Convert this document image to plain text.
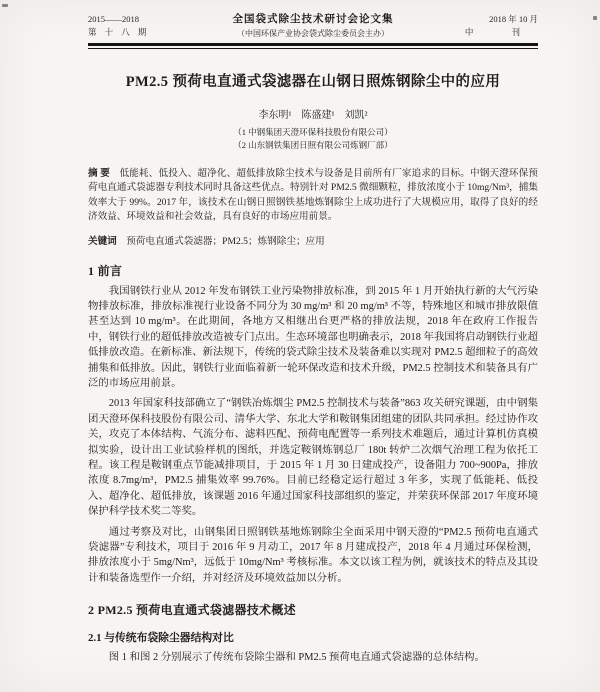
2015——2018
第 十 八 期
全国袋式除尘技术研讨会论文集
（中国环保产业协会袋式除尘委员会主办）
2018 年 10 月
中 刊
PM2.5 预荷电直通式袋滤器在山钢日照炼钢除尘中的应用
李东明¹　陈盛建¹　刘凯²
（1 中钢集团天澄环保科技股份有限公司）
（2 山东钢铁集团日照有限公司炼钢厂部）

摘 要 低能耗、低投入、超净化、超低排放除尘技术与设备是目前所有厂家追求的目标。中钢天澄环保预荷电直通式袋滤器专利技术同时具备这些优点。特别针对 PM2.5 微细颗粒，排放浓度小于 10mg/Nm³，捕集效率大于 99%。2017 年，该技术在山钢日照钢铁基地炼钢除尘上成功进行了大规模应用，取得了良好的经济效益、环境效益和社会效益，具有良好的市场应用前景。

关键词 预荷电直通式袋滤器；PM2.5；炼钢除尘；应用

1 前言

我国钢铁行业从 2012 年发布钢铁工业污染物排放标准，到 2015 年 1 月开始执行新的大气污染物排放标准，排放标准视行业设备不同分为 30 mg/m³ 和 20 mg/m³ 不等，特殊地区和城市排放限值甚至达到 10 mg/m³。在此期间，各地方又相继出台更严格的排放法规，2018 年在政府工作报告中，钢铁行业的超低排放改造被专门点出。生态环境部也明确表示，2018 年我国将启动钢铁行业超低排放改造。在新标准、新法规下，传统的袋式除尘技术及装备难以实现对 PM2.5 超细粒子的高效捕集和低排放。因此，钢铁行业面临着新一轮环保改造和技术升级，PM2.5 控制技术和装备具有广泛的市场应用前景。

2013 年国家科技部确立了“钢铁冶炼烟尘 PM2.5 控制技术与装备”863 攻关研究课题，由中钢集团天澄环保科技股份有限公司、清华大学、东北大学和鞍钢集团组建的团队共同承担。经过协作攻关，攻克了本体结构、气流分布、滤料匹配、预荷电配置等一系列技术难题后，通过计算机仿真模拟实验，设计出工业试验样机的图纸，并选定鞍钢炼钢总厂 180t 转炉二次烟气治理工程为依托工程。该工程是鞍钢重点节能减排项目，于 2015 年 1 月 30 日建成投产，设备阻力 700~900Pa，排放浓度 8.7mg/m³，PM2.5 捕集效率 99.76%。目前已经稳定运行超过 3 年多，实现了低能耗、低投入、超净化、超低排放，该课题 2016 年通过国家科技部组织的鉴定，并荣获环保部 2017 年度环境保护科学技术奖二等奖。

通过考察及对比，山钢集团日照钢铁基地炼钢除尘全面采用中钢天澄的“PM2.5 预荷电直通式袋滤器”专利技术，项目于 2016 年 9 月动工，2017 年 8 月建成投产，2018 年 4 月通过环保检测，排放浓度小于 5mg/Nm³，远低于 10mg/Nm³ 考核标准。本文以该工程为例，就该技术的特点及其设计和装备选型作一介绍，并对经济及环境效益加以分析。

2 PM2.5 预荷电直通式袋滤器技术概述
2.1 与传统布袋除尘器结构对比

图 1 和图 2 分别展示了传统布袋除尘器和 PM2.5 预荷电直通式袋滤器的总体结构。
